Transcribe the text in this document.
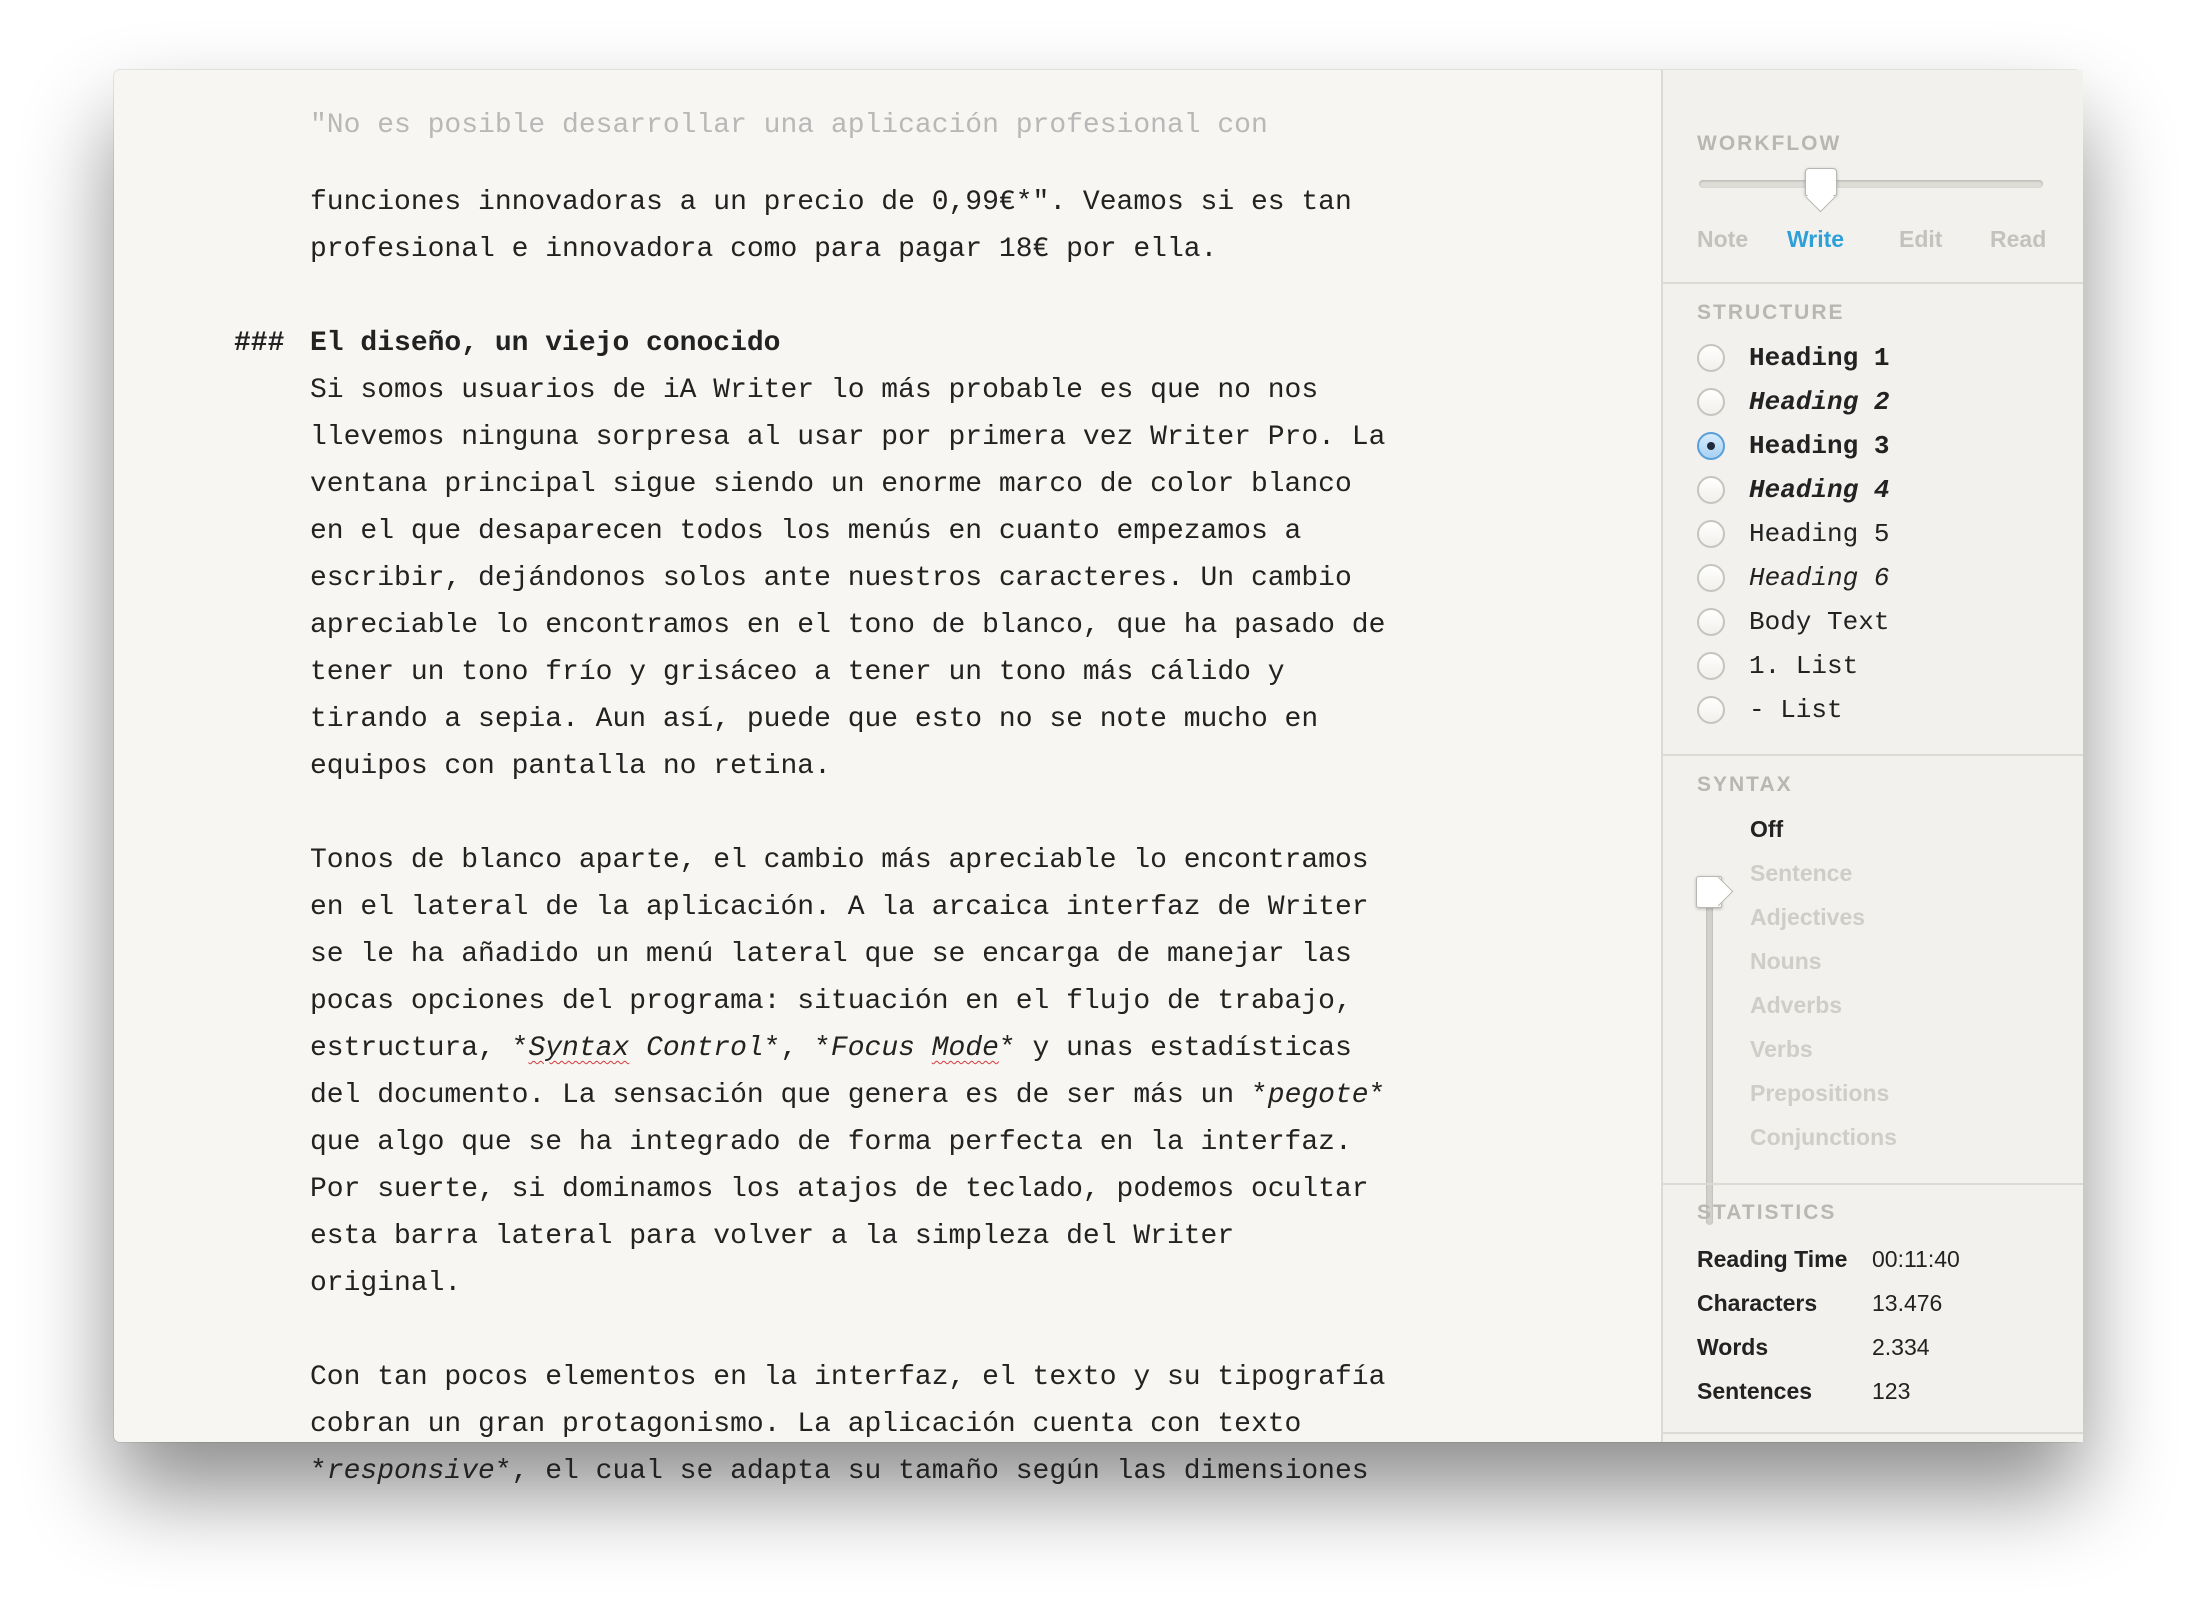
"No es posible desarrollar una aplicación profesional con
funciones innovadoras a un precio de 0,99€*". Veamos si es tan
profesional e innovadora como para pagar 18€ por ella.
### El diseño, un viejo conocido
Si somos usuarios de iA Writer lo más probable es que no nos
llevemos ninguna sorpresa al usar por primera vez Writer Pro. La
ventana principal sigue siendo un enorme marco de color blanco
en el que desaparecen todos los menús en cuanto empezamos a
escribir, dejándonos solos ante nuestros caracteres. Un cambio
apreciable lo encontramos en el tono de blanco, que ha pasado de
tener un tono frío y grisáceo a tener un tono más cálido y
tirando a sepia. Aun así, puede que esto no se note mucho en
equipos con pantalla no retina.
Tonos de blanco aparte, el cambio más apreciable lo encontramos
en el lateral de la aplicación. A la arcaica interfaz de Writer
se le ha añadido un menú lateral que se encarga de manejar las
pocas opciones del programa: situación en el flujo de trabajo,
estructura, *Syntax Control*, *Focus Mode* y unas estadísticas
del documento. La sensación que genera es de ser más un *pegote*
que algo que se ha integrado de forma perfecta en la interfaz.
Por suerte, si dominamos los atajos de teclado, podemos ocultar
esta barra lateral para volver a la simpleza del Writer
original.
Con tan pocos elementos en la interfaz, el texto y su tipografía
cobran un gran protagonismo. La aplicación cuenta con texto
*responsive*, el cual se adapta su tamaño según las dimensiones
WORKFLOW
Note Write Edit Read
STRUCTURE
Heading 1
Heading 2
Heading 3
Heading 4
Heading 5
Heading 6
Body Text
1. List
- List
SYNTAX
Off
Sentence
Adjectives
Nouns
Adverbs
Verbs
Prepositions
Conjunctions
STATISTICS
Reading Time 00:11:40
Characters 13.476
Words	2.334
Sentences	123
